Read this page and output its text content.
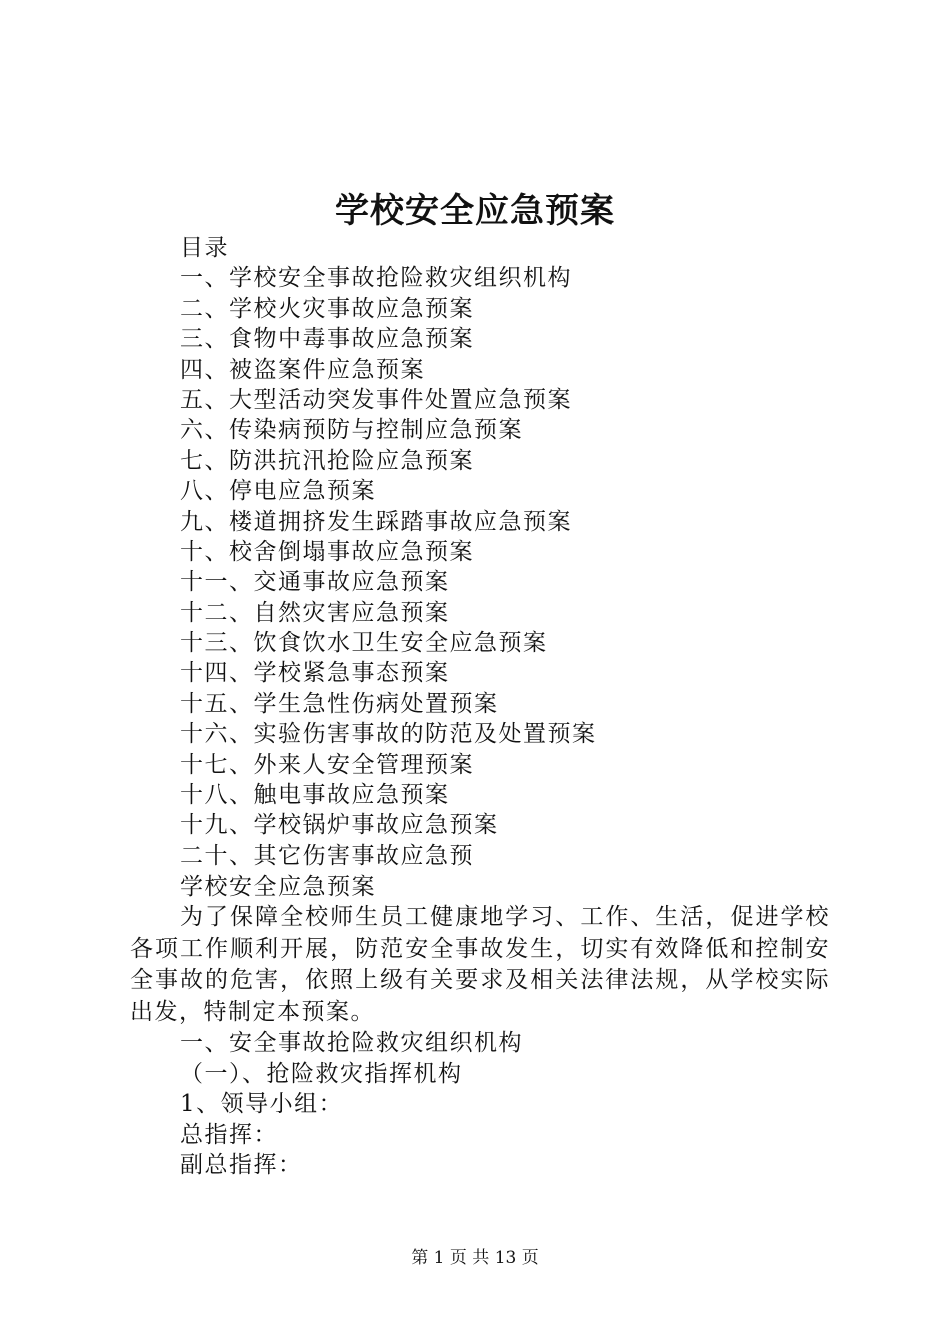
学校安全应急预案
目录
一、学校安全事故抢险救灾组织机构
二、学校火灾事故应急预案
三、食物中毒事故应急预案
四、被盗案件应急预案
五、大型活动突发事件处置应急预案
六、传染病预防与控制应急预案
七、防洪抗汛抢险应急预案
八、停电应急预案
九、楼道拥挤发生踩踏事故应急预案
十、校舍倒塌事故应急预案
十一、交通事故应急预案
十二、自然灾害应急预案
十三、饮食饮水卫生安全应急预案
十四、学校紧急事态预案
十五、学生急性伤病处置预案
十六、实验伤害事故的防范及处置预案
十七、外来人安全管理预案
十八、触电事故应急预案
十九、学校锅炉事故应急预案
二十、其它伤害事故应急预
学校安全应急预案
为了保障全校师生员工健康地学习、工作、生活，促进学校各项工作顺利开展，防范安全事故发生，切实有效降低和控制安全事故的危害，依照上级有关要求及相关法律法规，从学校实际出发，特制定本预案。
一、安全事故抢险救灾组织机构
（一）、抢险救灾指挥机构
1、领导小组：
总指挥：
副总指挥：
第 1 页 共 13 页
